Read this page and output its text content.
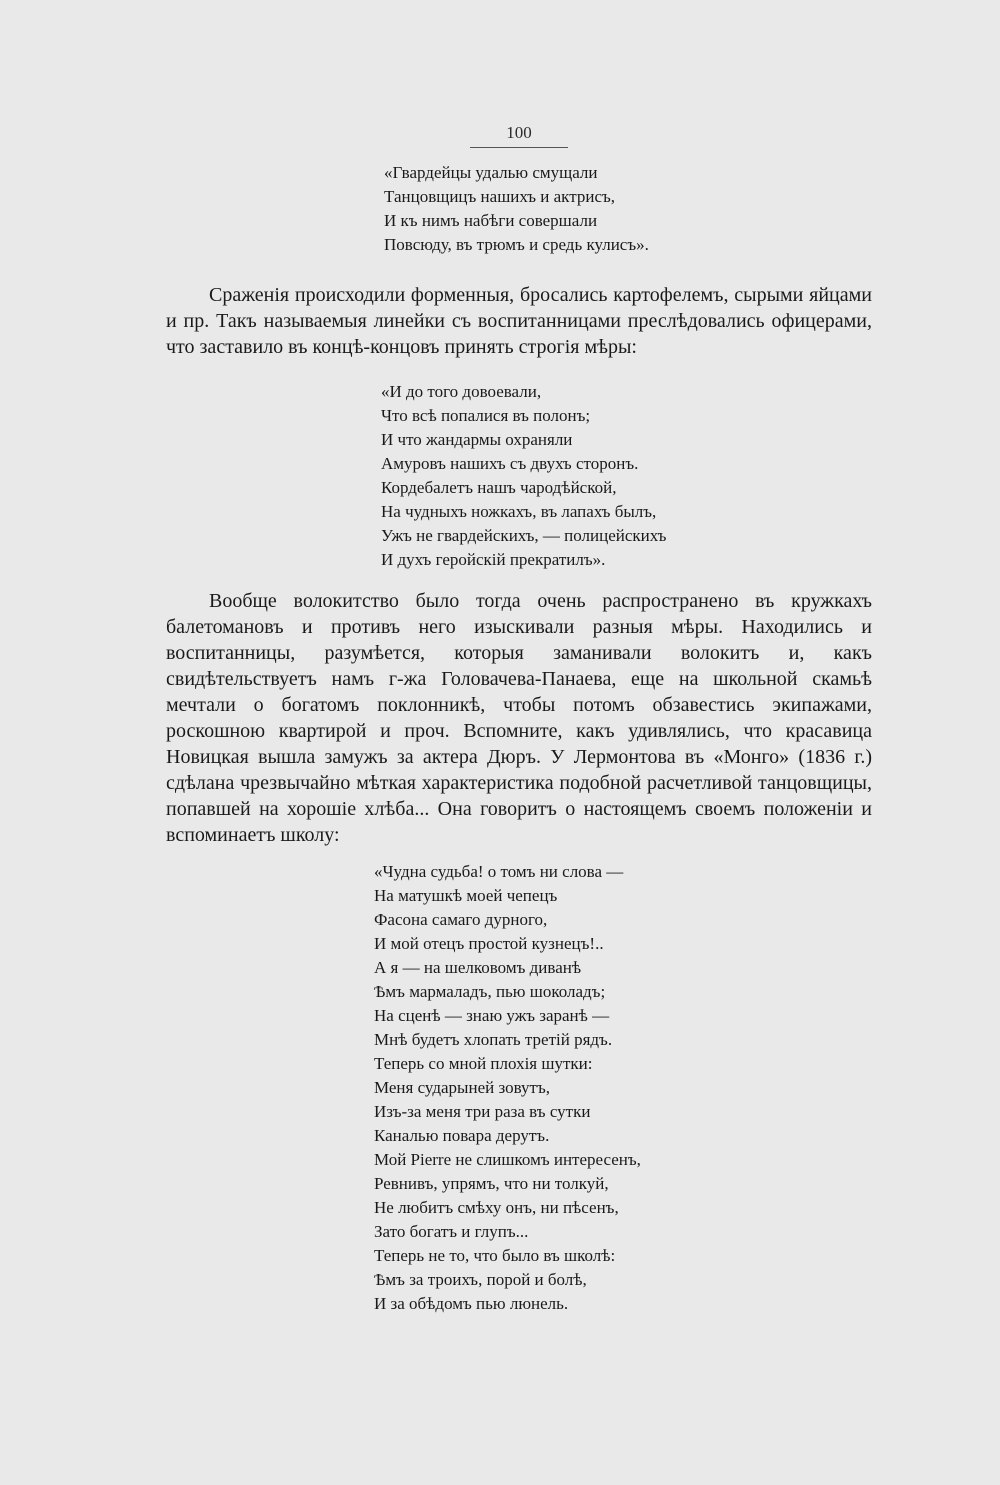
100
«Гвардейцы удалью смущали
Танцовщицъ нашихъ и актрисъ,
И къ нимъ набѣги совершали
Повсюду, въ трюмъ и средь кулисъ».

Сраженія происходили форменныя, бросались картофелемъ, сырыми яйцами и пр. Такъ называемыя линейки съ воспитанницами преслѣдовались офицерами, что заставило въ концѣ-концовъ принять строгія мѣры:

«И до того довоевали,
Что всѣ попалися въ полонъ;
И что жандармы охраняли
Амуровъ нашихъ съ двухъ сторонъ.
Кордебалетъ нашъ чародѣйской,
На чудныхъ ножкахъ, въ лапахъ былъ,
Ужъ не гвардейскихъ, — полицейскихъ
И духъ геройскій прекратилъ».

Вообще волокитство было тогда очень распространено въ кружкахъ балетомановъ и противъ него изыскивали разныя мѣры. Находились и воспитанницы, разумѣется, которыя заманивали волокитъ и, какъ свидѣтельствуетъ намъ г-жа Головачева-Панаева, еще на школьной скамьѣ мечтали о богатомъ поклонникѣ, чтобы потомъ обзавестись экипажами, роскошною квартирой и проч. Вспомните, какъ удивлялись, что красавица Новицкая вышла замужъ за актера Дюръ. У Лермонтова въ «Монго» (1836 г.) сдѣлана чрезвычайно мѣткая характеристика подобной расчетливой танцовщицы, попавшей на хорошіе хлѣба... Она говоритъ о настоящемъ своемъ положеніи и вспоминаетъ школу:

«Чудна судьба! о томъ ни слова —
На матушкѣ моей чепецъ
Фасона самаго дурного,
И мой отецъ простой кузнецъ!..
А я — на шелковомъ диванѣ
Ѣмъ мармаладъ, пью шоколадъ;
На сценѣ — знаю ужъ заранѣ —
Мнѣ будетъ хлопать третій рядъ.
Теперь со мной плохія шутки:
Меня сударыней зовутъ,
Изъ-за меня три раза въ сутки
Каналью повара дерутъ.
Мой Pierre не слишкомъ интересенъ,
Ревнивъ, упрямъ, что ни толкуй,
Не любитъ смѣху онъ, ни пѣсенъ,
Зато богатъ и глупъ...
Теперь не то, что было въ школѣ:
Ѣмъ за троихъ, порой и болѣ,
И за обѣдомъ пью люнель.
